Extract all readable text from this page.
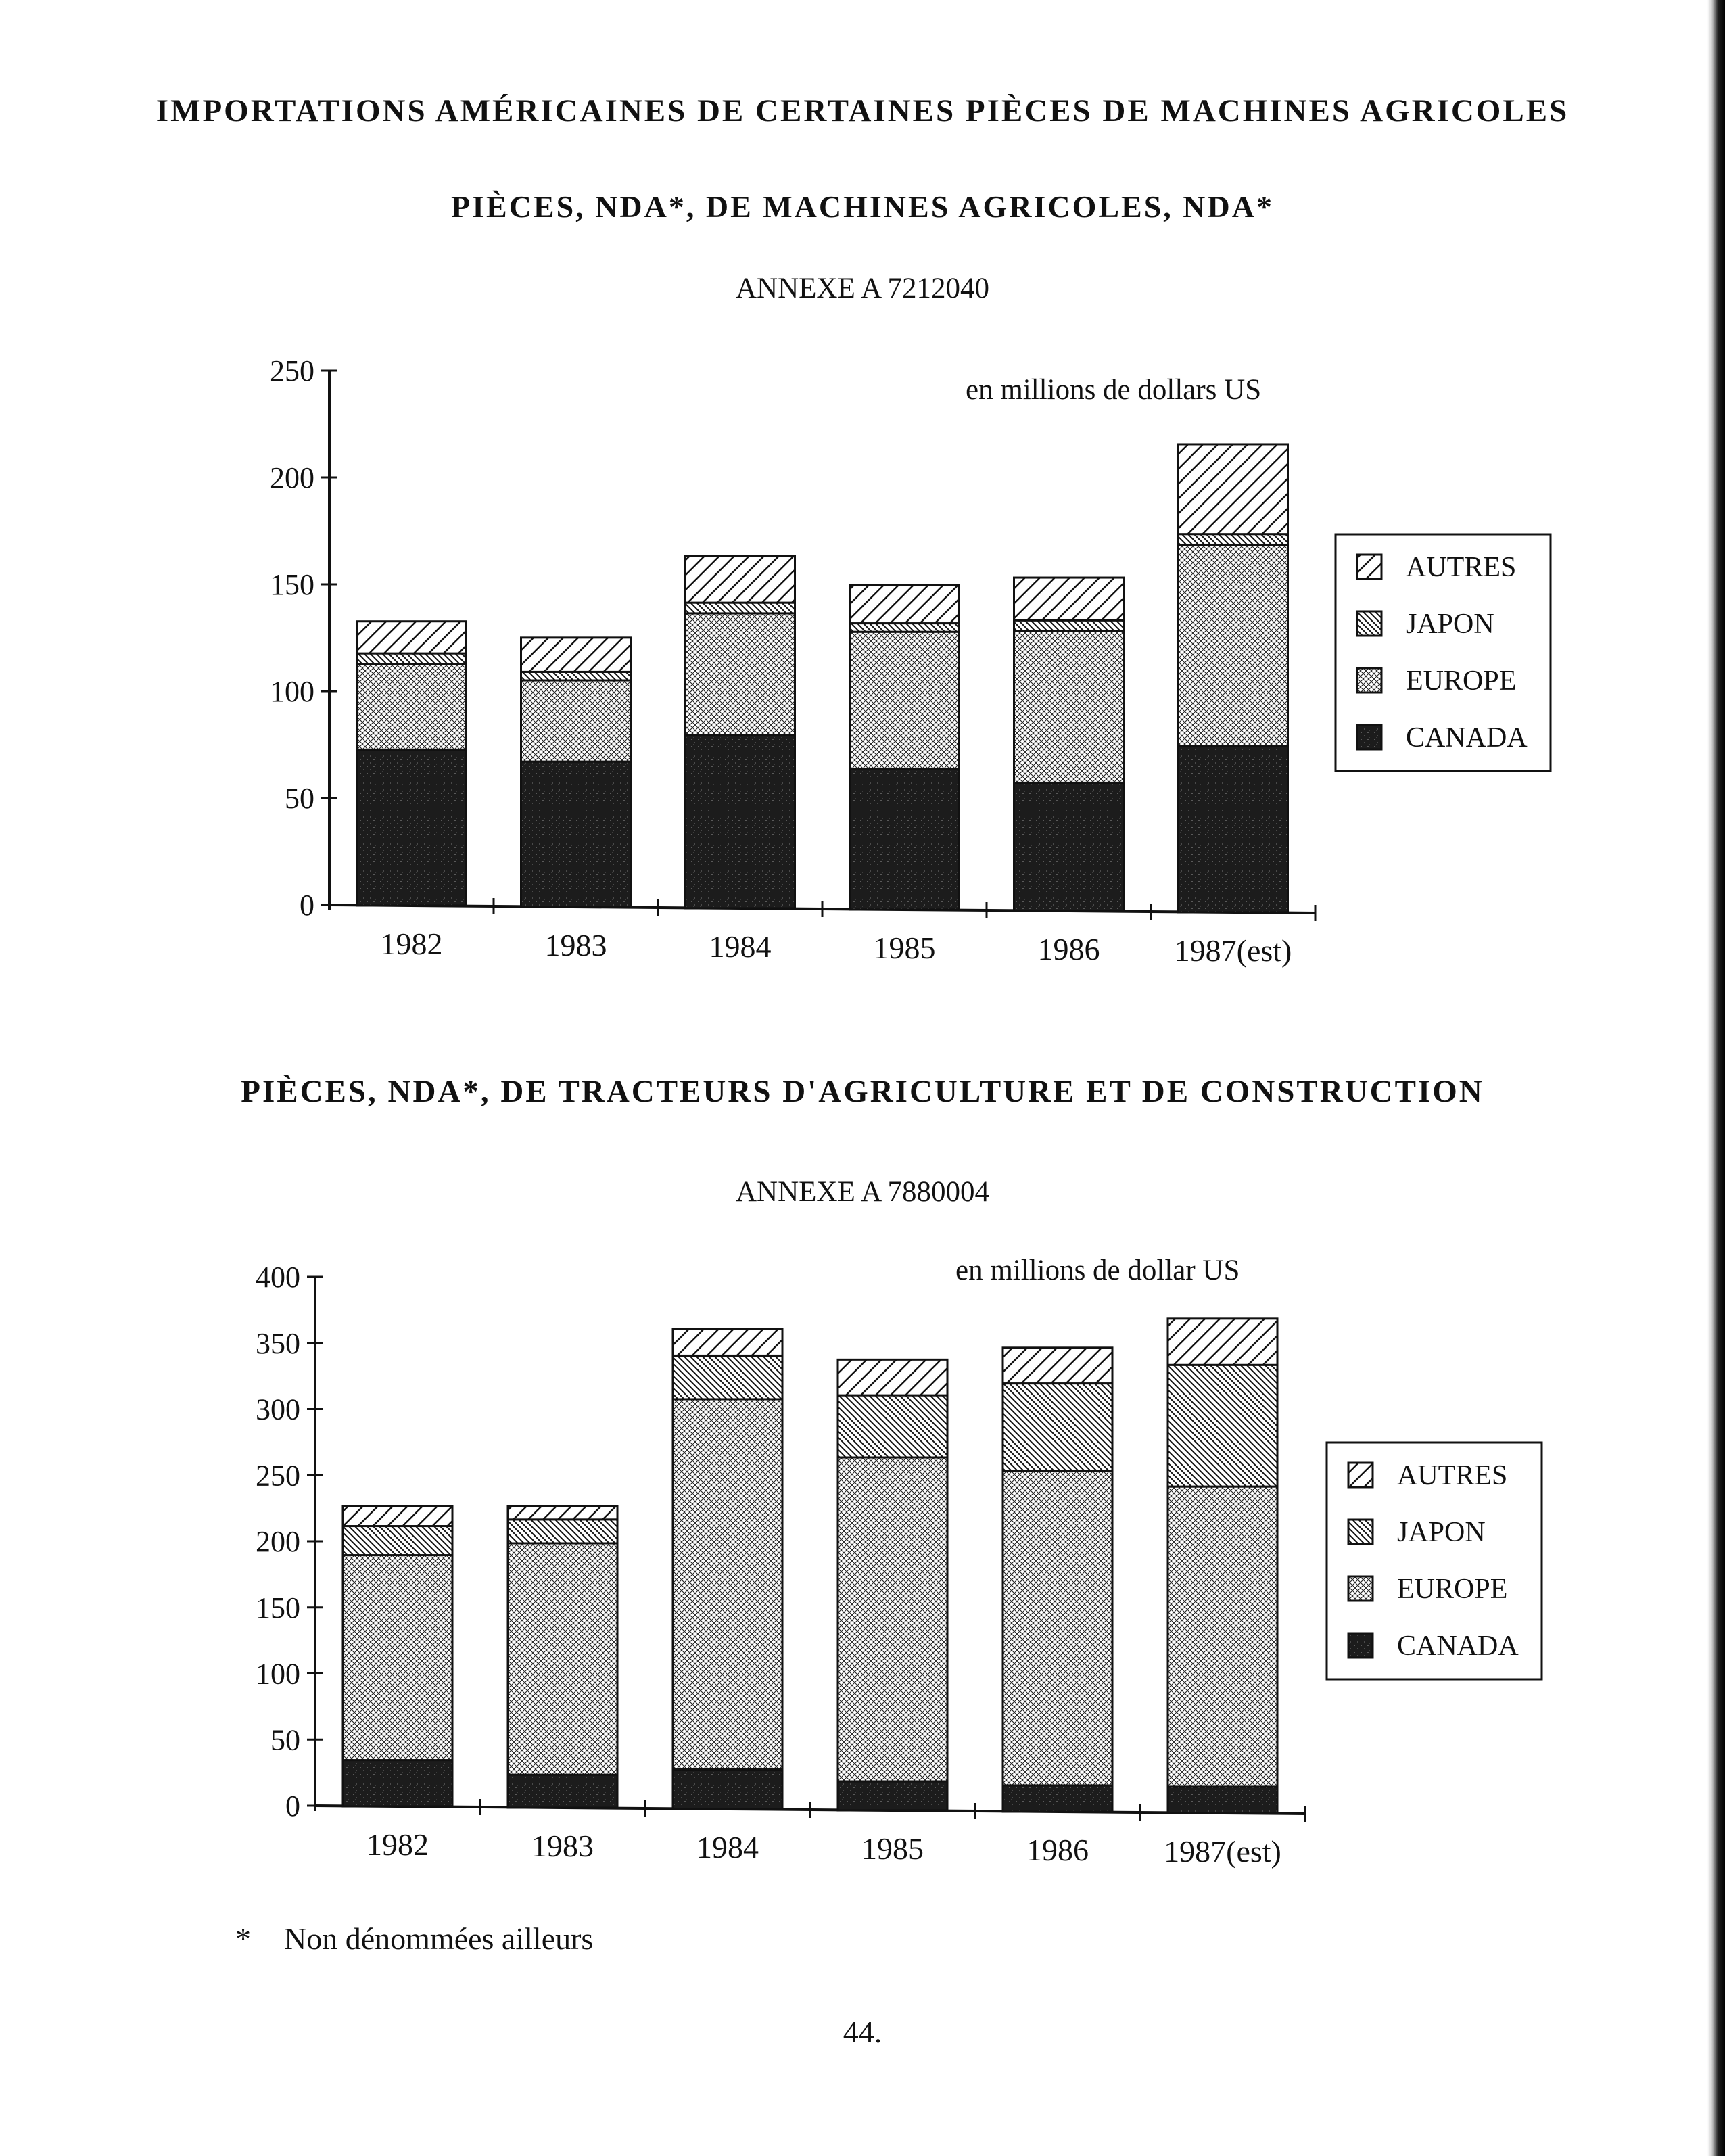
IMPORTATIONS AMÉRICAINES DE CERTAINES PIÈCES DE MACHINES AGRICOLES
PIÈCES, NDA*, DE MACHINES AGRICOLES, NDA*
ANNEXE A 7212040
0
50
100
150
200
250
1982	1983	1984	1985	1986 1987(est)
en millions de dollars US
AUTRES
JAPON
EUROPE
CANADA
PIÈCES, NDA*, DE TRACTEURS D'AGRICULTURE ET DE CONSTRUCTION
ANNEXE A 7880004
0
50
100
150
200
250
300
350
400
1982	1983	1984	1985	1986 1987(est)
en millions de dollar US
AUTRES
JAPON
EUROPE
CANADA
* Non dénommées ailleurs
44.
